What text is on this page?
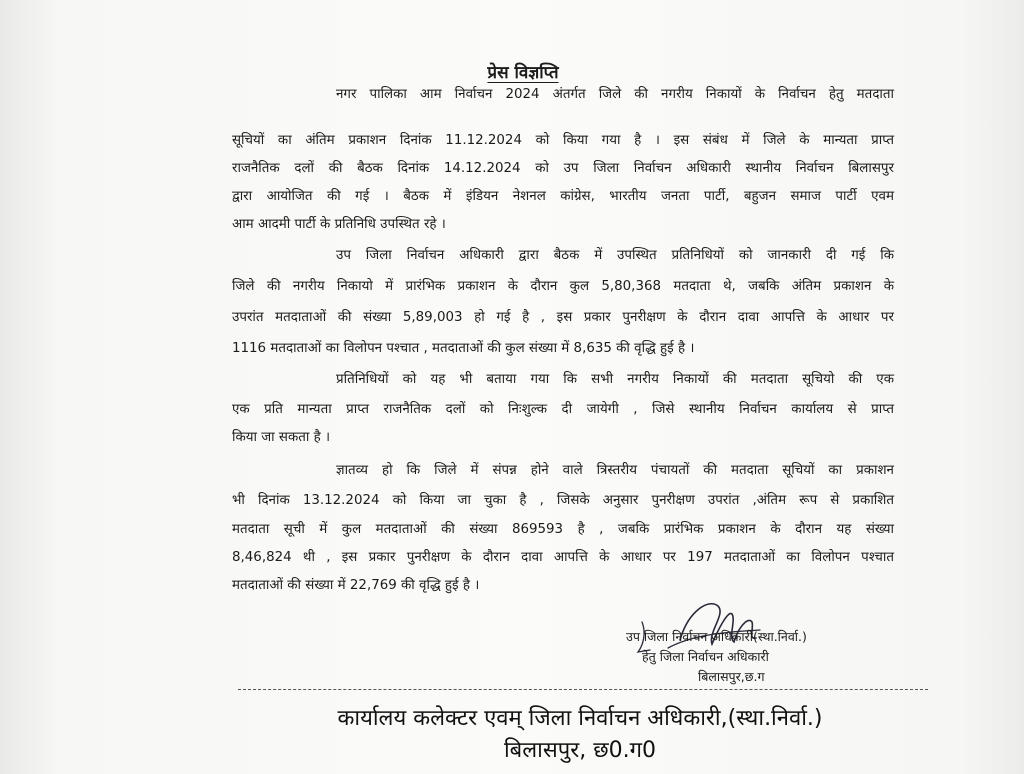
प्रेस विज्ञप्ति
नगर पालिका आम निर्वाचन 2024 अंतर्गत जिले की नगरीय निकायों के निर्वाचन हेतु मतदाता
सूचियों का अंतिम प्रकाशन दिनांक 11.12.2024 को किया गया है । इस संबंध में जिले के मान्यता प्राप्त
राजनैतिक दलों की बैठक दिनांक 14.12.2024 को उप जिला निर्वाचन अधिकारी स्थानीय निर्वाचन बिलासपुर
द्वारा आयोजित की गई । बैठक में इंडियन नेशनल कांग्रेस, भारतीय जनता पार्टी, बहुजन समाज पार्टी एवम
आम आदमी पार्टी के प्रतिनिधि उपस्थित रहे ।
उप जिला निर्वाचन अधिकारी द्वारा बैठक में उपस्थित प्रतिनिधियों को जानकारी दी गई कि
जिले की नगरीय निकायो में प्रारंभिक प्रकाशन के दौरान कुल 5,80,368 मतदाता थे, जबकि अंतिम प्रकाशन के
उपरांत मतदाताओं की संख्या 5,89,003 हो गई है , इस प्रकार पुनरीक्षण के दौरान दावा आपत्ति के आधार पर
1116 मतदाताओं का विलोपन पश्चात , मतदाताओं की कुल संख्या में 8,635 की वृद्धि हुई है ।
प्रतिनिधियों को यह भी बताया गया कि सभी नगरीय निकायों की मतदाता सूचियो की एक
एक प्रति मान्यता प्राप्त राजनैतिक दलों को निःशुल्क दी जायेगी , जिसे स्थानीय निर्वाचन कार्यालय से प्राप्त
किया जा सकता है ।
ज्ञातव्य हो कि जिले में संपन्न होने वाले त्रिस्तरीय पंचायतों की मतदाता सूचियों का प्रकाशन
भी दिनांक 13.12.2024 को किया जा चुका है , जिसके अनुसार पुनरीक्षण उपरांत ,अंतिम रूप से प्रकाशित
मतदाता सूची में कुल मतदाताओं की संख्या 869593 है , जबकि प्रारंभिक प्रकाशन के दौरान यह संख्या
8,46,824 थी , इस प्रकार पुनरीक्षण के दौरान दावा आपत्ति के आधार पर 197 मतदाताओं का विलोपन पश्चात
मतदाताओं की संख्या में 22,769 की वृद्धि हुई है ।
उप जिला निर्वाचन अधिकारी(स्था.निर्वा.)
हेतु जिला निर्वाचन अधिकारी
बिलासपुर,छ.ग
कार्यालय कलेक्टर एवम् जिला निर्वाचन अधिकारी,(स्था.निर्वा.)
बिलासपुर, छ0.ग0
